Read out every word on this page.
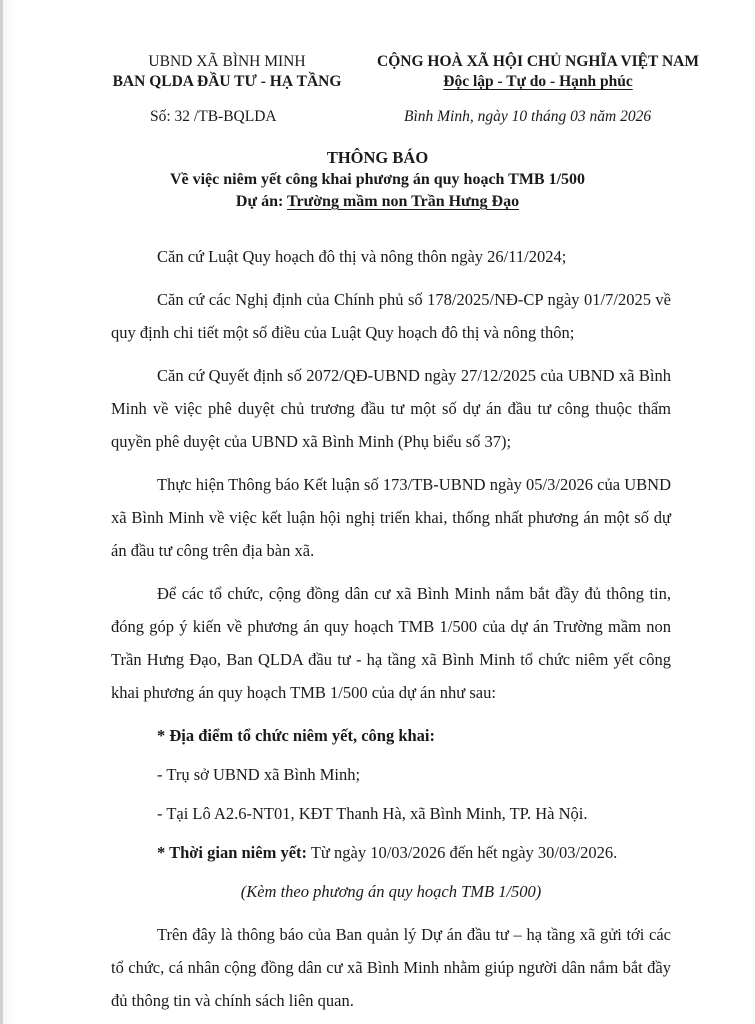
UBND XÃ BÌNH MINH
BAN QLDA ĐẦU TƯ - HẠ TẦNG
CỘNG HOÀ XÃ HỘI CHỦ NGHĨA VIỆT NAM
Độc lập - Tự do - Hạnh phúc
Số: 32 /TB-BQLDA	Bình Minh, ngày 10 tháng 03 năm 2026
THÔNG BÁO
Về việc niêm yết công khai phương án quy hoạch TMB 1/500
Dự án: Trường mầm non Trần Hưng Đạo

Căn cứ Luật Quy hoạch đô thị và nông thôn ngày 26/11/2024;

Căn cứ các Nghị định của Chính phủ số 178/2025/NĐ-CP ngày 01/7/2025 về quy định chi tiết một số điều của Luật Quy hoạch đô thị và nông thôn;

Căn cứ Quyết định số 2072/QĐ-UBND ngày 27/12/2025 của UBND xã Bình Minh về việc phê duyệt chủ trương đầu tư một số dự án đầu tư công thuộc thẩm quyền phê duyệt của UBND xã Bình Minh (Phụ biểu số 37);

Thực hiện Thông báo Kết luận số 173/TB-UBND ngày 05/3/2026 của UBND xã Bình Minh về việc kết luận hội nghị triển khai, thống nhất phương án một số dự án đầu tư công trên địa bàn xã.

Để các tổ chức, cộng đồng dân cư xã Bình Minh nắm bắt đầy đủ thông tin, đóng góp ý kiến về phương án quy hoạch TMB 1/500 của dự án Trường mầm non Trần Hưng Đạo, Ban QLDA đầu tư - hạ tầng xã Bình Minh tổ chức niêm yết công khai phương án quy hoạch TMB 1/500 của dự án như sau:

* Địa điểm tổ chức niêm yết, công khai:

- Trụ sở UBND xã Bình Minh;

- Tại Lô A2.6-NT01, KĐT Thanh Hà, xã Bình Minh, TP. Hà Nội.

* Thời gian niêm yết: Từ ngày 10/03/2026 đến hết ngày 30/03/2026.

(Kèm theo phương án quy hoạch TMB 1/500)

Trên đây là thông báo của Ban quản lý Dự án đầu tư – hạ tầng xã gửi tới các tổ chức, cá nhân cộng đồng dân cư xã Bình Minh nhằm giúp người dân nắm bắt đầy đủ thông tin và chính sách liên quan.
